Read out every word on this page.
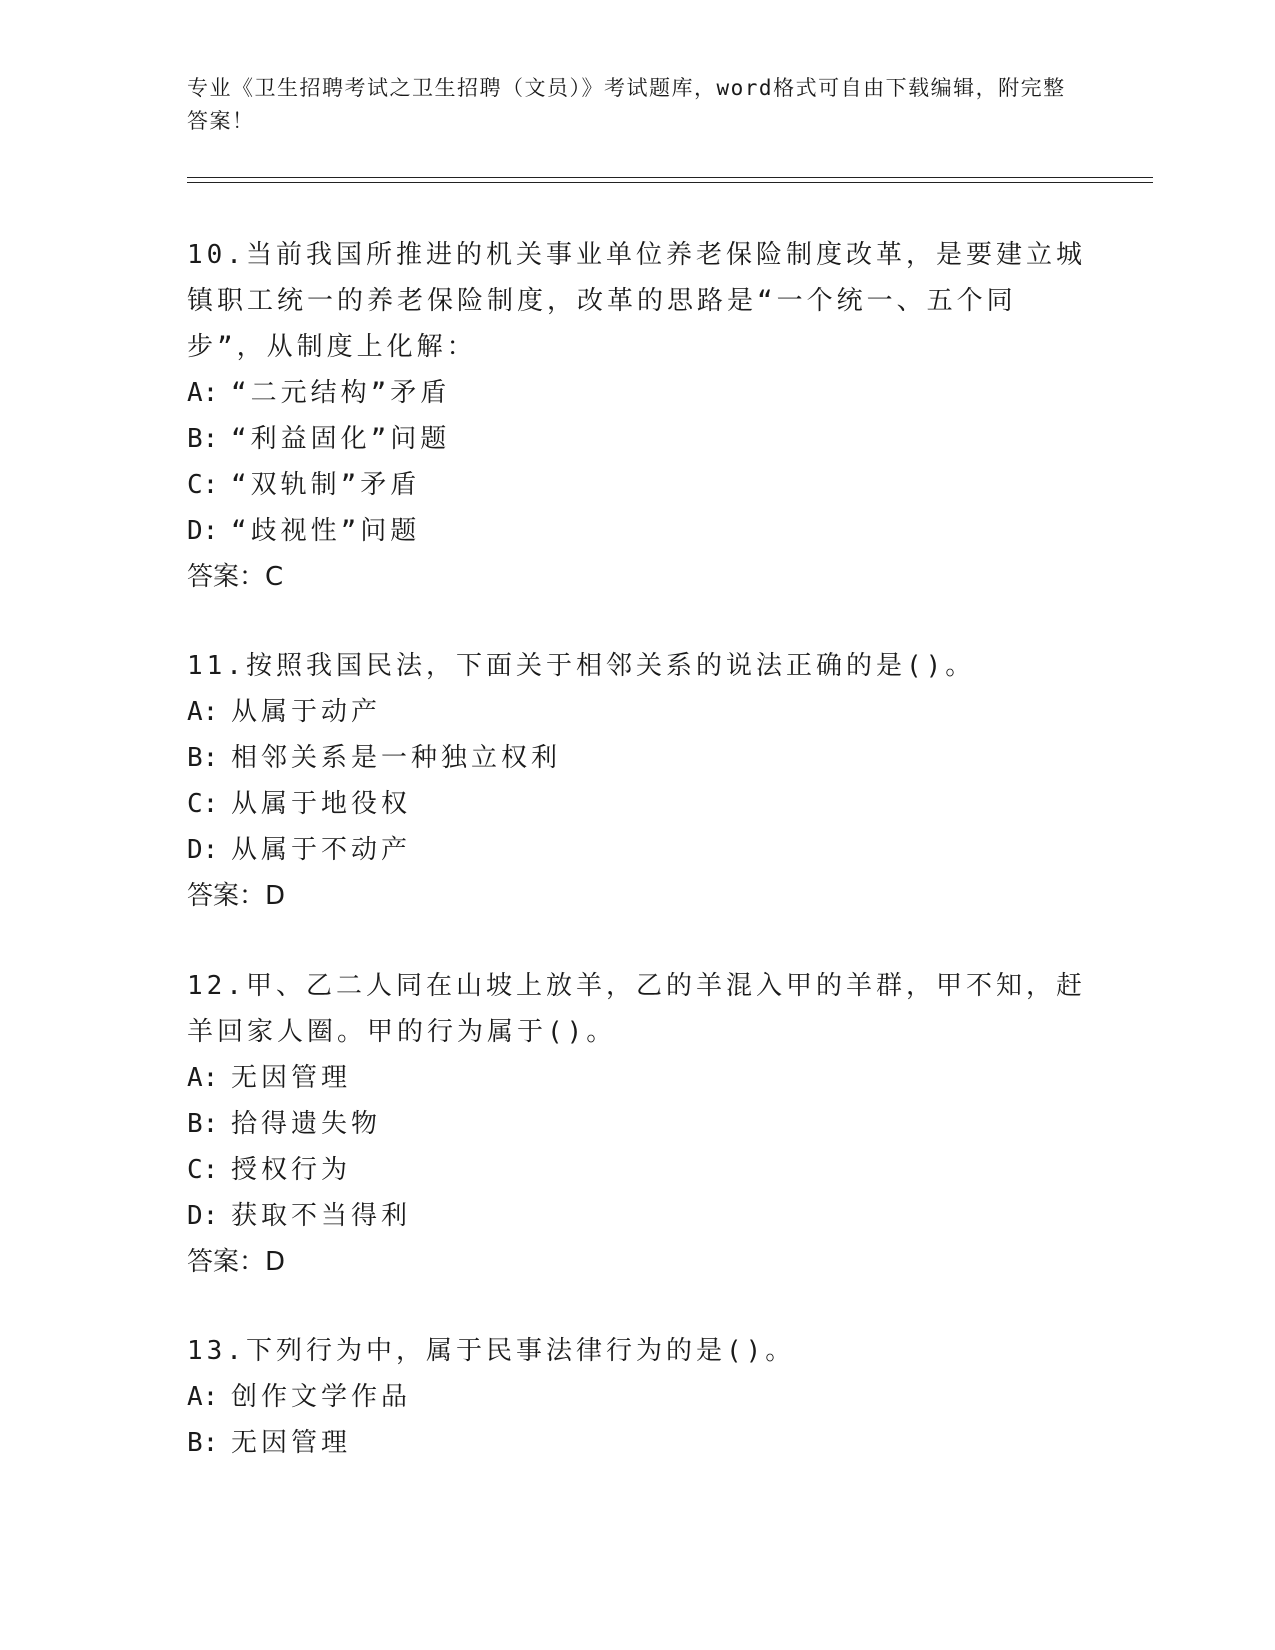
专业《卫生招聘考试之卫生招聘（文员）》考试题库，word格式可自由下载编辑，附完整答案！

10.当前我国所推进的机关事业单位养老保险制度改革，是要建立城镇职工统一的养老保险制度，改革的思路是“一个统一、五个同步”，从制度上化解：

A: “二元结构”矛盾

B: “利益固化”问题

C: “双轨制”矛盾

D: “歧视性”问题

答案：C

11.按照我国民法，下面关于相邻关系的说法正确的是()。

A: 从属于动产

B: 相邻关系是一种独立权利

C: 从属于地役权

D: 从属于不动产

答案：D

12.甲、乙二人同在山坡上放羊，乙的羊混入甲的羊群，甲不知，赶羊回家人圈。甲的行为属于()。

A: 无因管理

B: 拾得遗失物

C: 授权行为

D: 获取不当得利

答案：D

13.下列行为中，属于民事法律行为的是()。

A: 创作文学作品

B: 无因管理
